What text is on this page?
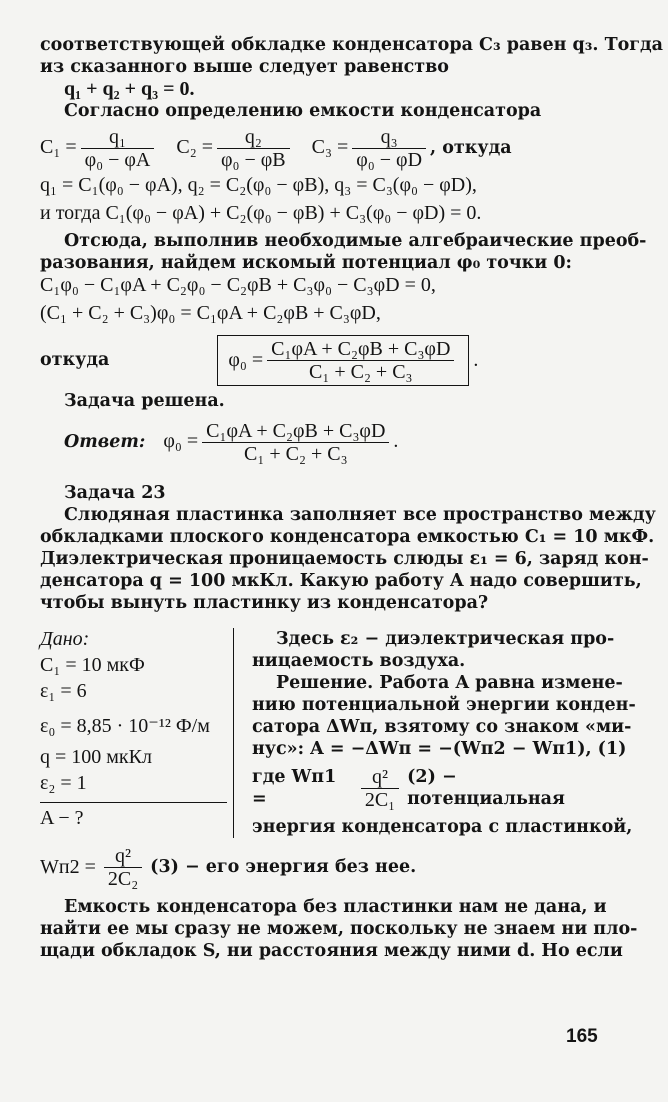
соответствующей обкладке конденсатора C₃ равен q₃. Тогда
из сказанного выше следует равенство
q₁ + q₂ + q₃ = 0.
Согласно определению емкости конденсатора
$C_1 = \frac{\text{q₁}}{\text{φ₀ − φA}} C_2 = \frac{\text{q₂}}{\text{φ₀ − φB}} C_3 = \frac{\text{q₃}}{\text{φ₀ − φD}}$ , откуда
q₁ = C₁(φ₀ − φA), q₂ = C₂(φ₀ − φB), q₃ = C₃(φ₀ − φD),
и тогда C₁(φ₀ − φA) + C₂(φ₀ − φB) + C₃(φ₀ − φD) = 0.
Отсюда, выполнив необходимые алгебраические преоб-
разования, найдем искомый потенциал φ₀ точки 0:
C₁φ₀ − C₁φA + C₂φ₀ − C₂φB + C₃φ₀ − C₃φD = 0,
(C₁ + C₂ + C₃)φ₀ = C₁φA + C₂φB + C₃φD,
откуда	$\varphi_0 = \frac{\text{C₁φA + C₂φB + C₃φD}}{\text{C₁ + C₂ + C₃}}$ .
Задача решена.
Ответ: $\varphi_0 = \frac{\text{C₁φA + C₂φB + C₃φD}}{\text{C₁ + C₂ + C₃}}$ .
Задача 23
Слюдяная пластинка заполняет все пространство между
обкладками плоского конденсатора емкостью C₁ = 10 мкФ.
Диэлектрическая проницаемость слюды ε₁ = 6, заряд кон-
денсатора q = 100 мкКл. Какую работу A надо совершить,
чтобы вынуть пластинку из конденсатора?
Дано:
C₁ = 10 мкФ
ε₁ = 6
ε₀ = 8,85 · 10⁻¹² Ф/м
q = 100 мкКл
ε₂ = 1
A − ?
Здесь ε₂ − диэлектрическая про-
ницаемость воздуха.
Решение. Работа A равна измене-
нию потенциальной энергии конден-
сатора ΔWп, взятому со знаком «ми-
нус»: A = −ΔWп = −(Wп2 − Wп1), (1)
где Wп1 =	$\frac{\text{q²}}{\text{2C₁}} (2)$ − потенциальная
энергия конденсатора с пластинкой,
$Wп2 = \frac{\text{q²}}{\text{2C₂}} (3)$ − его энергия без нее.
Емкость конденсатора без пластинки нам не дана, и
найти ее мы сразу не можем, поскольку не знаем ни пло-
щади обкладок S, ни расстояния между ними d. Но если
165
